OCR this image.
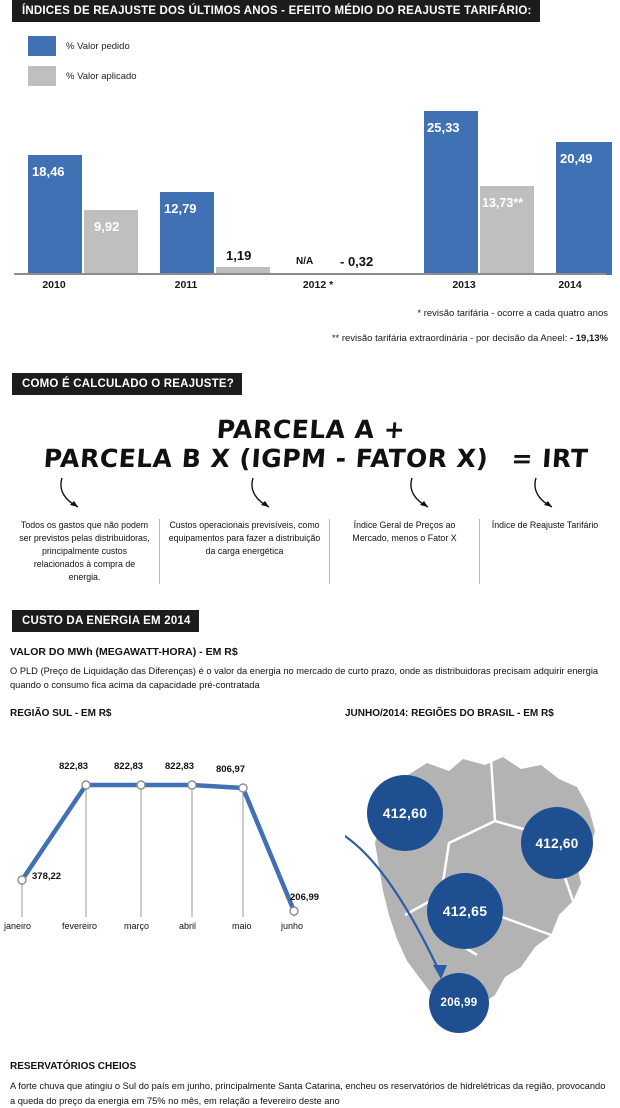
ÍNDICES DE REAJUSTE DOS ÚLTIMOS ANOS - EFEITO MÉDIO DO REAJUSTE TARIFÁRIO:
% Valor pedido
% Valor aplicado
18,46
9,92
12,79
1,19	N/A - 0,32
25,33
13,73**
20,49
2010	2011	2012 *	2013	2014
* revisão tarifária - ocorre a cada quatro anos
** revisão tarifária extraordinária - por decisão da Aneel: - 19,13%
COMO É CALCULADO O REAJUSTE?
PARCELA A + PARCELA B X (IGPM - FATOR X) = IRT
Todos os gastos que não podem ser previstos pelas distribuidoras, principalmente custos relacionados à compra de energia.
Custos operacionais previsíveis, como equipamentos para fazer a distribuição da carga energética
Índice Geral de Preços ao Mercado, menos o Fator X
Índice de Reajuste Tarifário
CUSTO DA ENERGIA EM 2014
VALOR DO MWh (MEGAWATT-HORA) - EM R$
O PLD (Preço de Liquidação das Diferenças) é o valor da energia no mercado de curto prazo, onde as distribuidoras precisam adquirir energia quando o consumo fica acima da capacidade pré-contratada
REGIÃO SUL - EM R$
378,22
822,83	822,83 822,83 806,97
206,99
janeiro	fevereiro	março	abril	maio	junho
JUNHO/2014: REGIÕES DO BRASIL - EM R$
412,60
412,60
412,65
206,99
RESERVATÓRIOS CHEIOS
A forte chuva que atingiu o Sul do país em junho, principalmente Santa Catarina, encheu os reservatórios de hidrelétricas da região, provocando a queda do preço da energia em 75% no mês, em relação a fevereiro deste ano
